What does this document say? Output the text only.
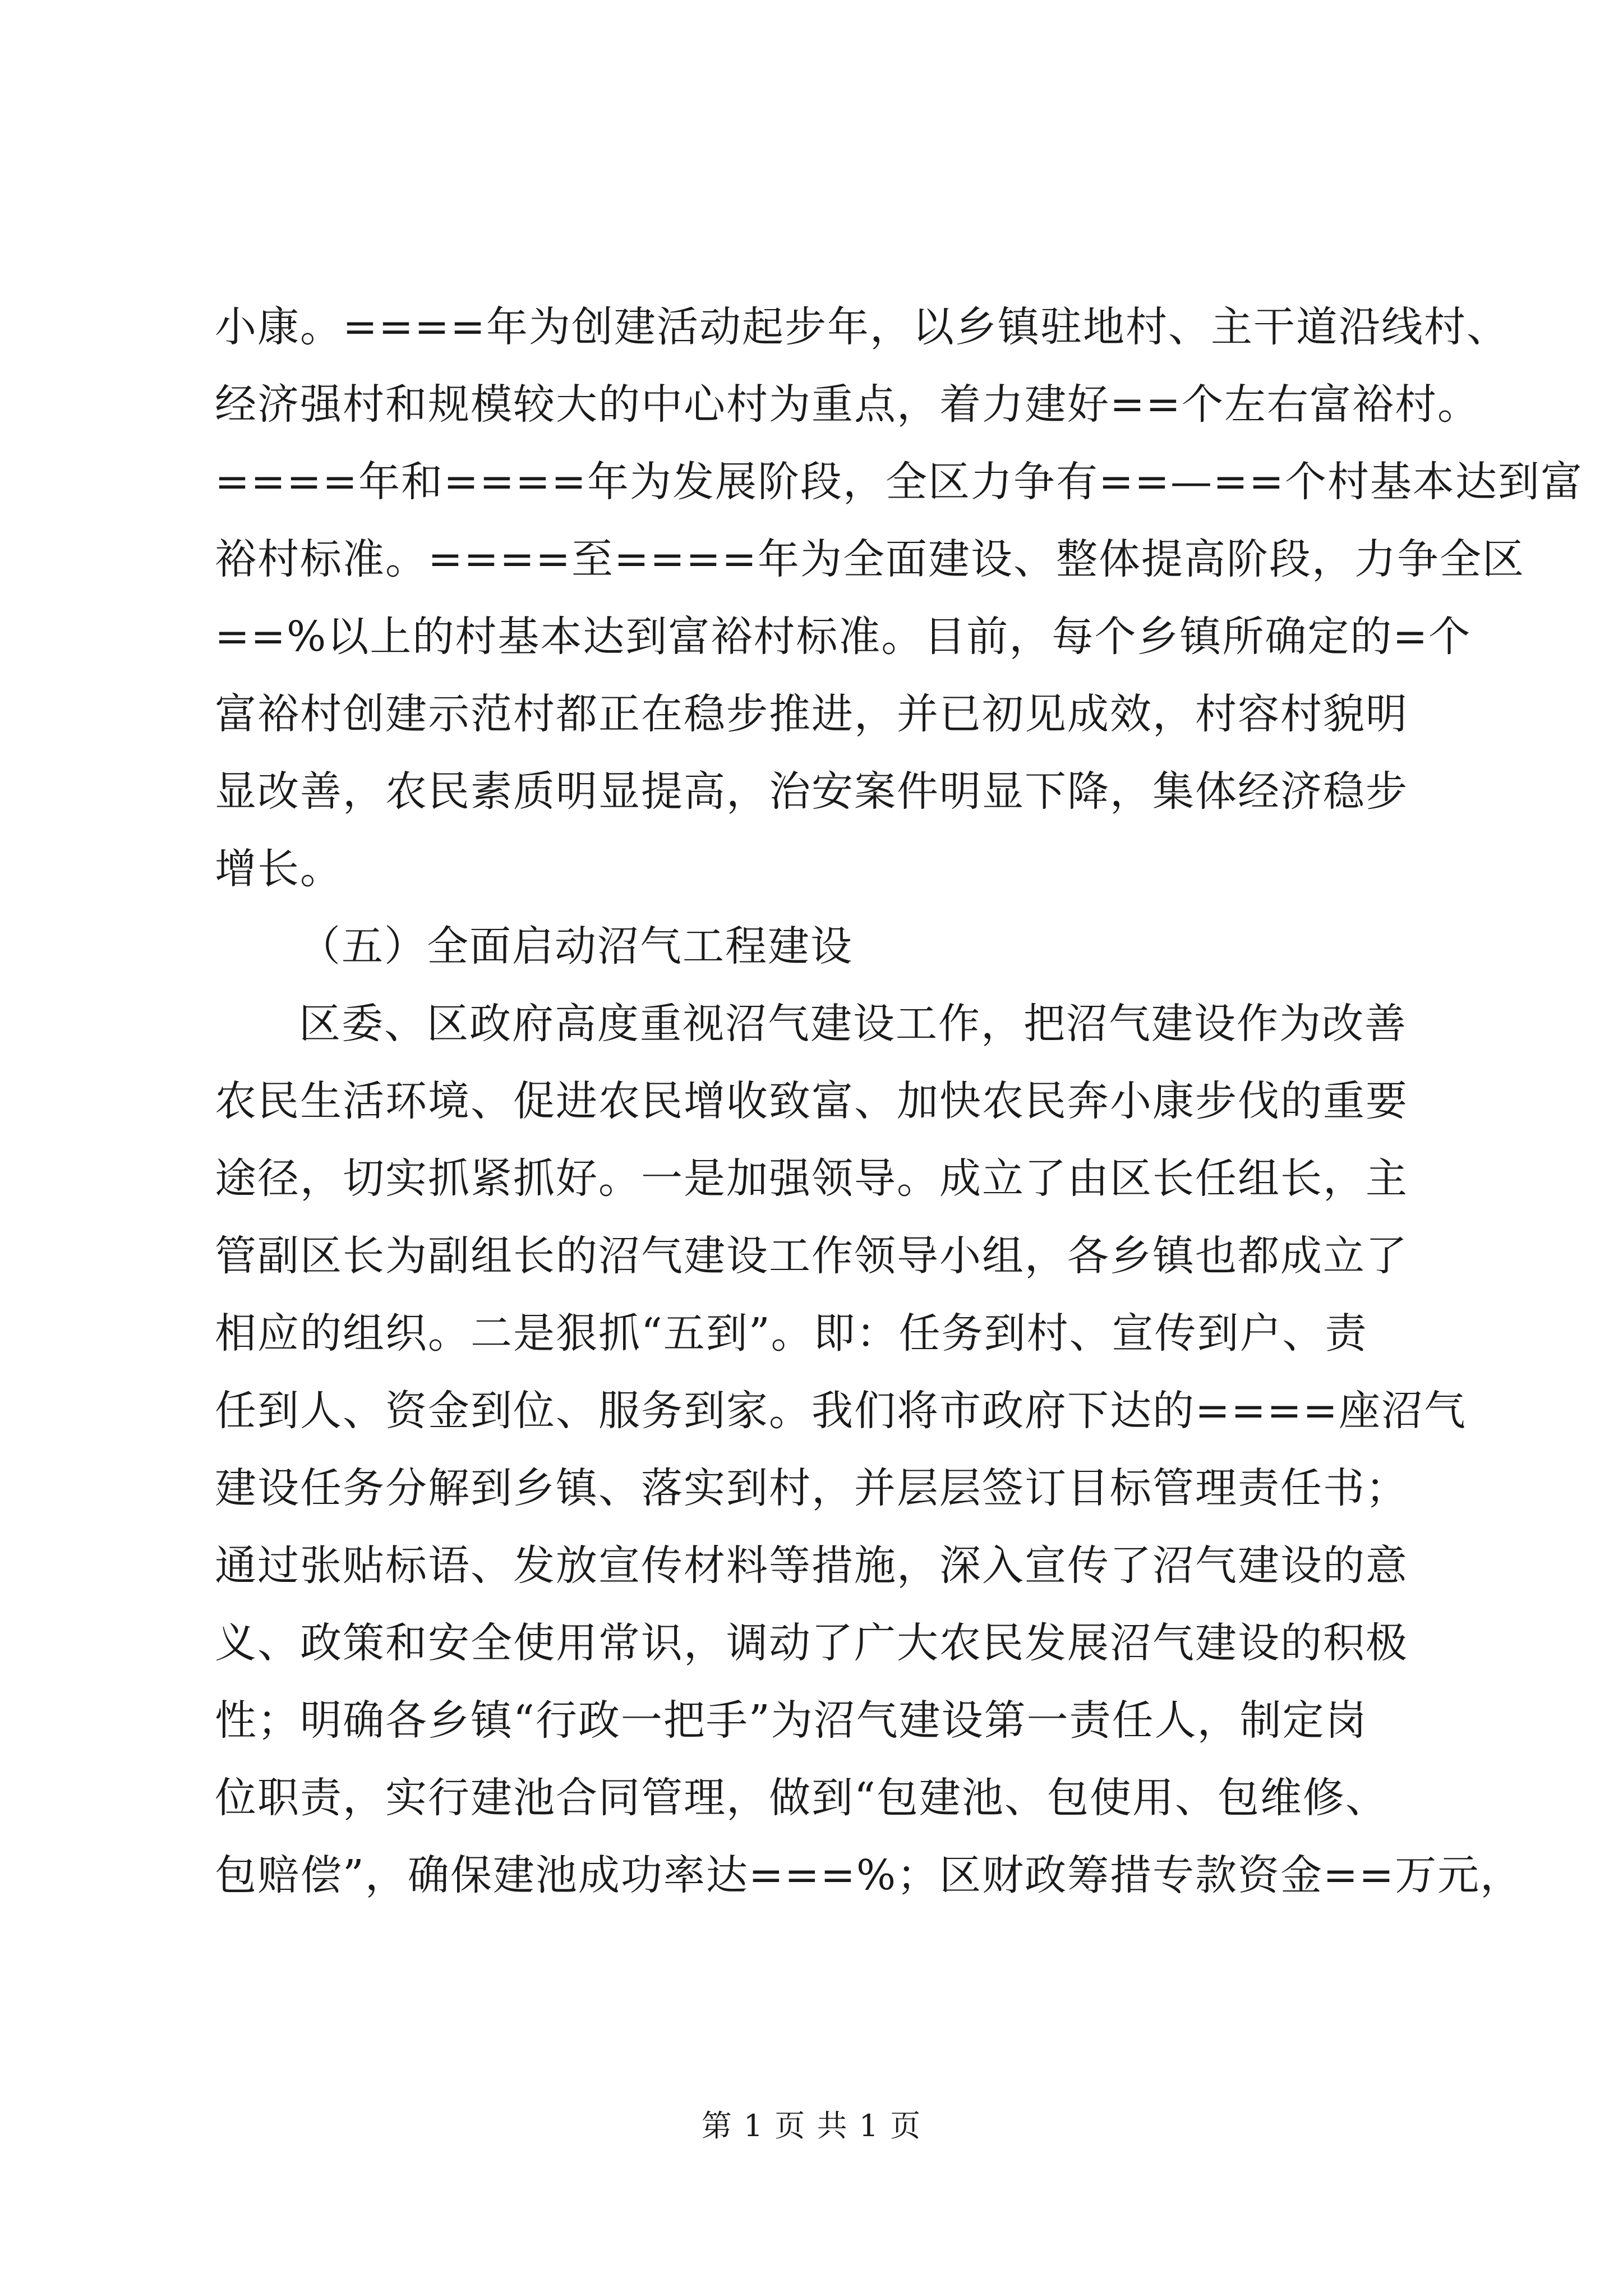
小康。====年为创建活动起步年，以乡镇驻地村、主干道沿线村、
经济强村和规模较大的中心村为重点，着力建好==个左右富裕村。
====年和====年为发展阶段，全区力争有==—==个村基本达到富
裕村标准。====至====年为全面建设、整体提高阶段，力争全区
==%以上的村基本达到富裕村标准。目前，每个乡镇所确定的=个
富裕村创建示范村都正在稳步推进，并已初见成效，村容村貌明
显改善，农民素质明显提高，治安案件明显下降，集体经济稳步
增长。
（五）全面启动沼气工程建设
区委、区政府高度重视沼气建设工作，把沼气建设作为改善
农民生活环境、促进农民增收致富、加快农民奔小康步伐的重要
途径，切实抓紧抓好。一是加强领导。成立了由区长任组长，主
管副区长为副组长的沼气建设工作领导小组，各乡镇也都成立了
相应的组织。二是狠抓“五到”。即：任务到村、宣传到户、责
任到人、资金到位、服务到家。我们将市政府下达的====座沼气
建设任务分解到乡镇、落实到村，并层层签订目标管理责任书；
通过张贴标语、发放宣传材料等措施，深入宣传了沼气建设的意
义、政策和安全使用常识，调动了广大农民发展沼气建设的积极
性；明确各乡镇“行政一把手”为沼气建设第一责任人，制定岗
位职责，实行建池合同管理，做到“包建池、包使用、包维修、
包赔偿”，确保建池成功率达===%；区财政筹措专款资金==万元，
第 1 页 共 1 页
